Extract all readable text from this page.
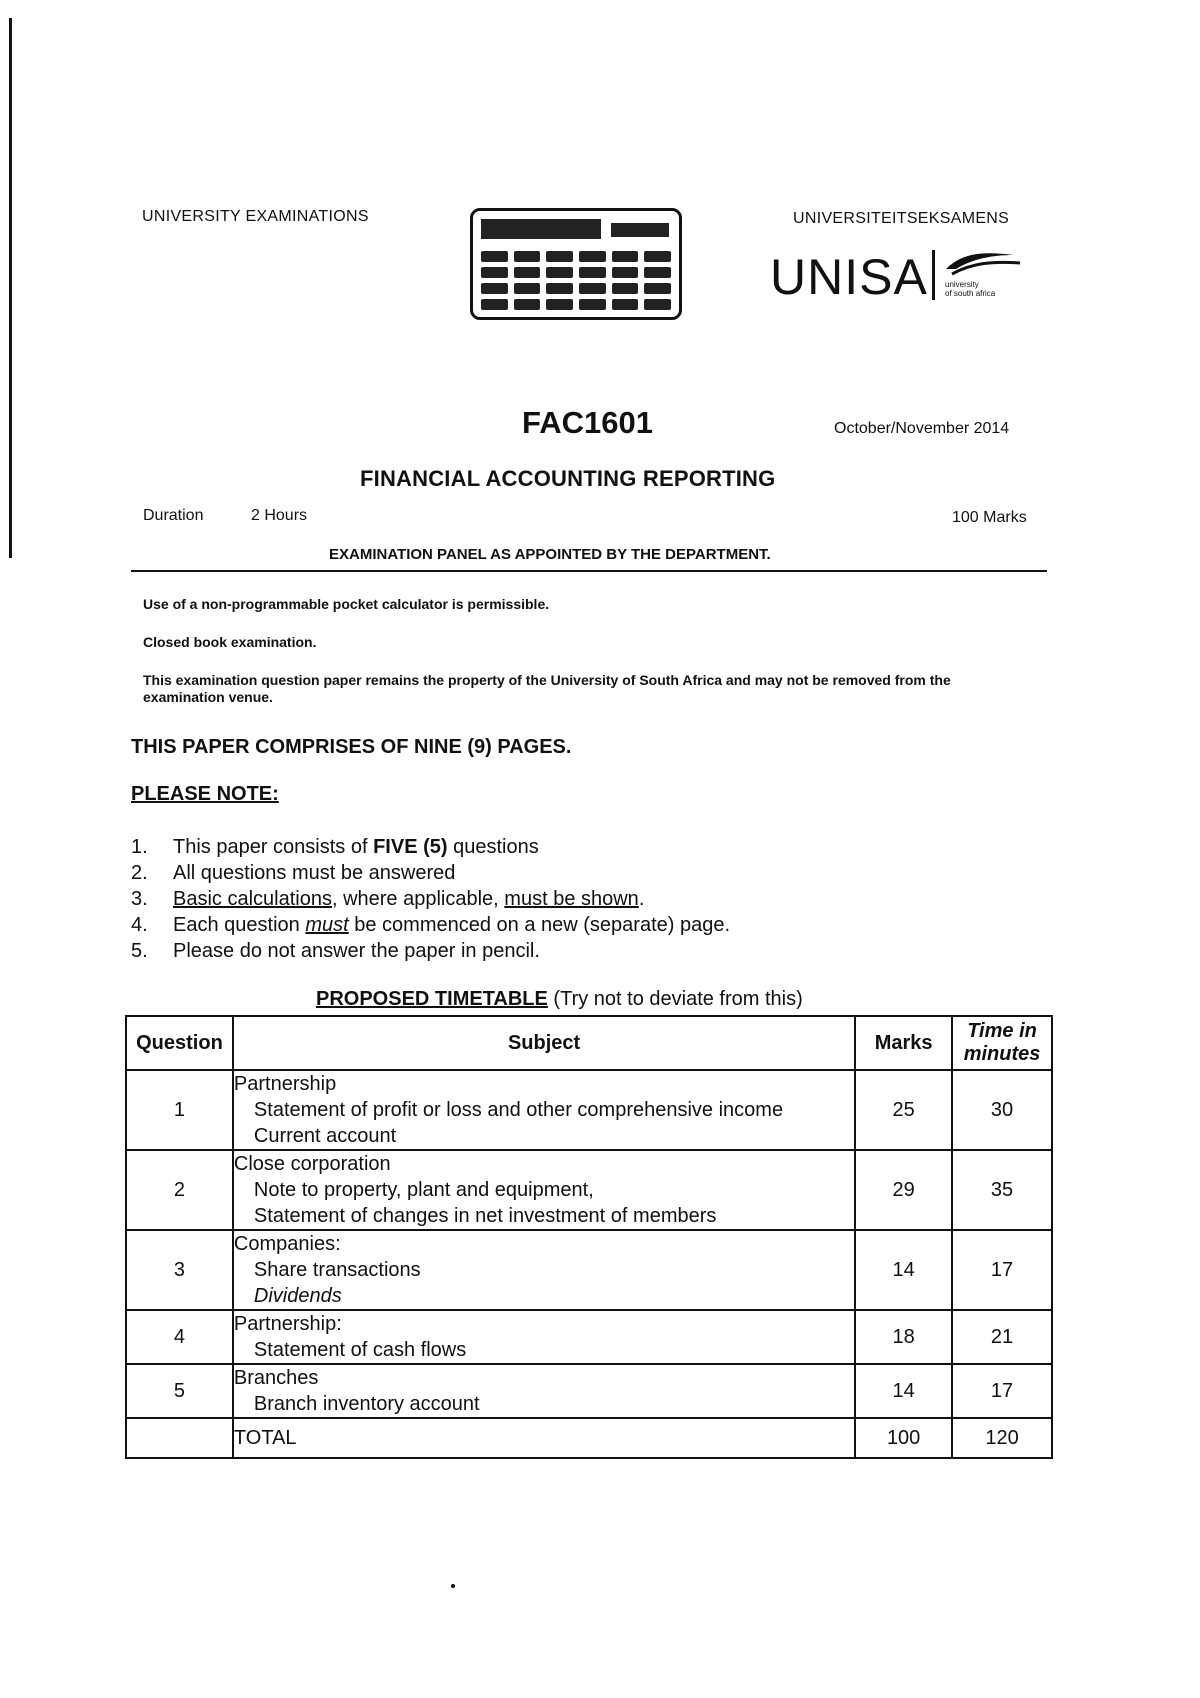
UNIVERSITY EXAMINATIONS	UNIVERSITEITSEKSAMENS
UNISA university
of south africa
FAC1601	October/November 2014
FINANCIAL ACCOUNTING REPORTING
Duration	2 Hours	100 Marks
EXAMINATION PANEL AS APPOINTED BY THE DEPARTMENT.
Use of a non-programmable pocket calculator is permissible.
Closed book examination.
This examination question paper remains the property of the University of South Africa and may not be removed from the examination venue.
THIS PAPER COMPRISES OF NINE (9) PAGES.
PLEASE NOTE:
1. This paper consists of FIVE (5) questions
2. All questions must be answered
3. Basic calculations, where applicable, must be shown.
4. Each question must be commenced on a new (separate) page.
5. Please do not answer the paper in pencil.
PROPOSED TIMETABLE (Try not to deviate from this)
Question	Subject	Marks	Time in minutes
1	Partnership
Statement of profit or loss and other comprehensive income
Current account	25	30
2	Close corporation
Note to property, plant and equipment,
Statement of changes in net investment of members	29	35
3	Companies:
Share transactions
Dividends	14	17
4	Partnership:
Statement of cash flows	18	21
5	Branches
Branch inventory account	14	17
	TOTAL	100	120
